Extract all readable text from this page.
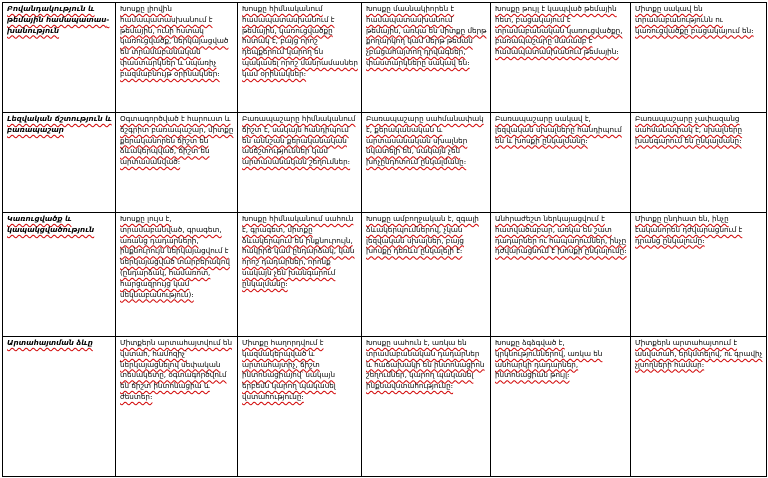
Բովանդակություն և թեմային համապատասխանություն	Խոսքը լիովին համապատասխանում է թեմային, ունի հստակ կառուցվածք, ներկայացված են տրամաբանական փաստարկներ և սպառիչ բազմաբնույթ օրինակներ։	Խոսքը հիմնականում համապատասխանում է թեմային, կառուցվածքը հստակ է, բայց որոշ դեպքերում կարող են պակասել որոշ մանրամասներ կամ օրինակներ։	Խոսքը մասնակիորեն է համապատասխանում թեմային, առկա են միտքը մերթ քողարկող կամ մերթ թեման չբացահայտող դրվագներ, փաստարկները սակավ են։	Խոսքը թույլ է կապված թեմային հետ, բացակայում է տրամաբանական կառուցվածքը, բառապաշարը մասամբ է համապատասխանում թեմային։	Միտքը սակավ են տրամաբանությունն ու կառուցվածքը բացակայում են։
Լեզվական ճշտություն և բառապաշար	Օգտագործված է հարուստ և ճշգրիտ բառապաշար, միտքը քերականորեն ճիշտ են ձևակերպված, ճիշտ են արտասանված։	Բառապաշարը հիմնականում ճիշտ է, սակայն հանդիպում են աննշան քերականական անճշտություններ կամ արտասանական շեղումներ։	Բառապաշարը սահմանափակ է, քերականական և արտասանական սխալներ նկատելի են, սակայն չեն խոչընդոտում ընկալմանը։	Բառապաշարը սակավ է, լեզվական սխալները հանդիպում են և խոսքի ընկալմանը։	Բառապաշարը չափազանց սահմանափակ է, սխալները խանգարում են ընկալմանը։
Կառուցվածք և կապակցվածություն	Խոսքը լույս է, տրամաբանված, գրագետ, առանց դադարների, ինքնուրույն ներկայացվում է ներկայացված տարբերակով (ընդարձակ, համառոտ, հարցազրույց կամ մեկնաբանություն)։	Խոսքը հիմնականում սահուն է, գրագետ, միտքը ձևակերպում են ինքնուրույն, հակիրճ կամ ընդարձակ, կան որոշ դադարներ, որոնք սակայն չեն խանգարում ընկալմանը։	Խոսքը ամբողջական է, զգալի ձևակերպումներով, չկան լեզվական սխալներ, բայց խոսքը դեռևս ընկալելի է։	Անհրաժեշտ ներկայացվում է հատվածաբար, առկա են շատ դադարներ ու հապաղումներ, ինչը դժվարացնում է խոսքի ընկալումը։	Միտքը ընդհատ են, ինչը էականորեն դժվարացնում է դրանց ընկալումը։
Արտահայտման ձևը	Միտքերն արտահայտվում են վստահ, համոզիչ՝ ներկայացնելով սեփական տեսակետը, օգտագործվում են ճիշտ ինտոնացիա և ժեստեր։	Միտքը հաղորդվում է կազմակերպված և արտահայտիչ, ճիշտ ինտոնացիայով՝ սակայն երբեմն կարող պակասել վստահությունը։	Խոսքը սահուն է, առկա են տրամաբանական դադարներ և հաճախակի են ինտոնացիոն շեղումներ, կարող պակասել ինքնավստահությունը։	Խոսքը ձգձգված է, կրկնություններով, առկա են անհարկի դադարներ, ինտոնացիան թույլ։	Միտքերն արտահայտում է անվստահ, երկմտելով, ու գրավիչ չլսողների համար։
